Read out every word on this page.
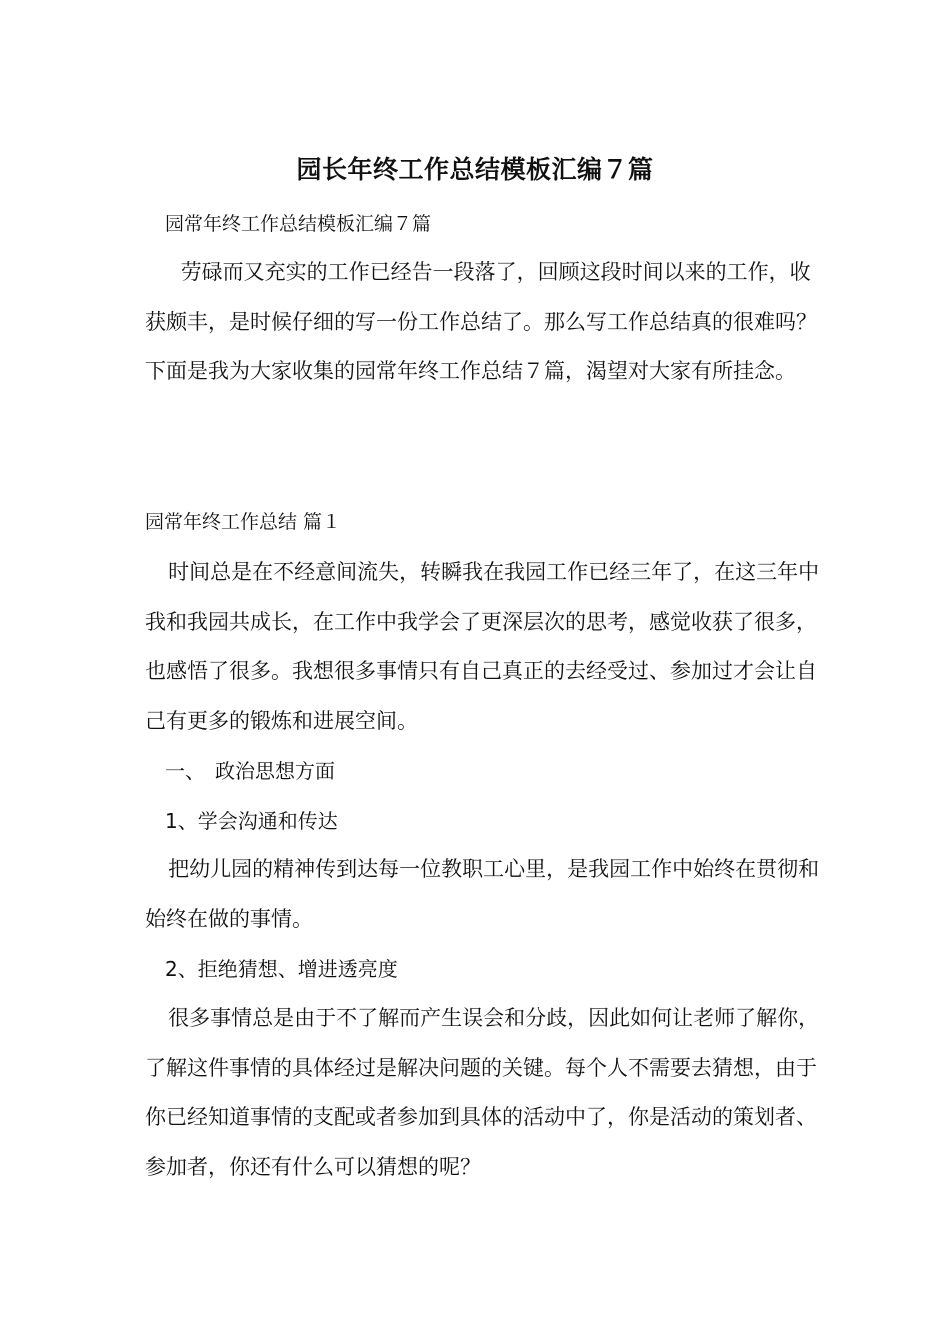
园长年终工作总结模板汇编７篇
园常年终工作总结模板汇编７篇

劳碌而又充实的工作已经告一段落了，回顾这段时间以来的工作，收获颇丰，是时候仔细的写一份工作总结了。那么写工作总结真的很难吗？下面是我为大家收集的园常年终工作总结７篇，渴望对大家有所挂念。

园常年终工作总结 篇１

时间总是在不经意间流失，转瞬我在我园工作已经三年了，在这三年中我和我园共成长，在工作中我学会了更深层次的思考，感觉收获了很多，也感悟了很多。我想很多事情只有自己真正的去经受过、参加过才会让自己有更多的锻炼和进展空间。

一、　政治思想方面
1、学会沟通和传达

把幼儿园的精神传到达每一位教职工心里，是我园工作中始终在贯彻和始终在做的事情。

2、拒绝猜想、增进透亮度

很多事情总是由于不了解而产生误会和分歧，因此如何让老师了解你，了解这件事情的具体经过是解决问题的关键。每个人不需要去猜想，由于你已经知道事情的支配或者参加到具体的活动中了，你是活动的策划者、参加者，你还有什么可以猜想的呢？
